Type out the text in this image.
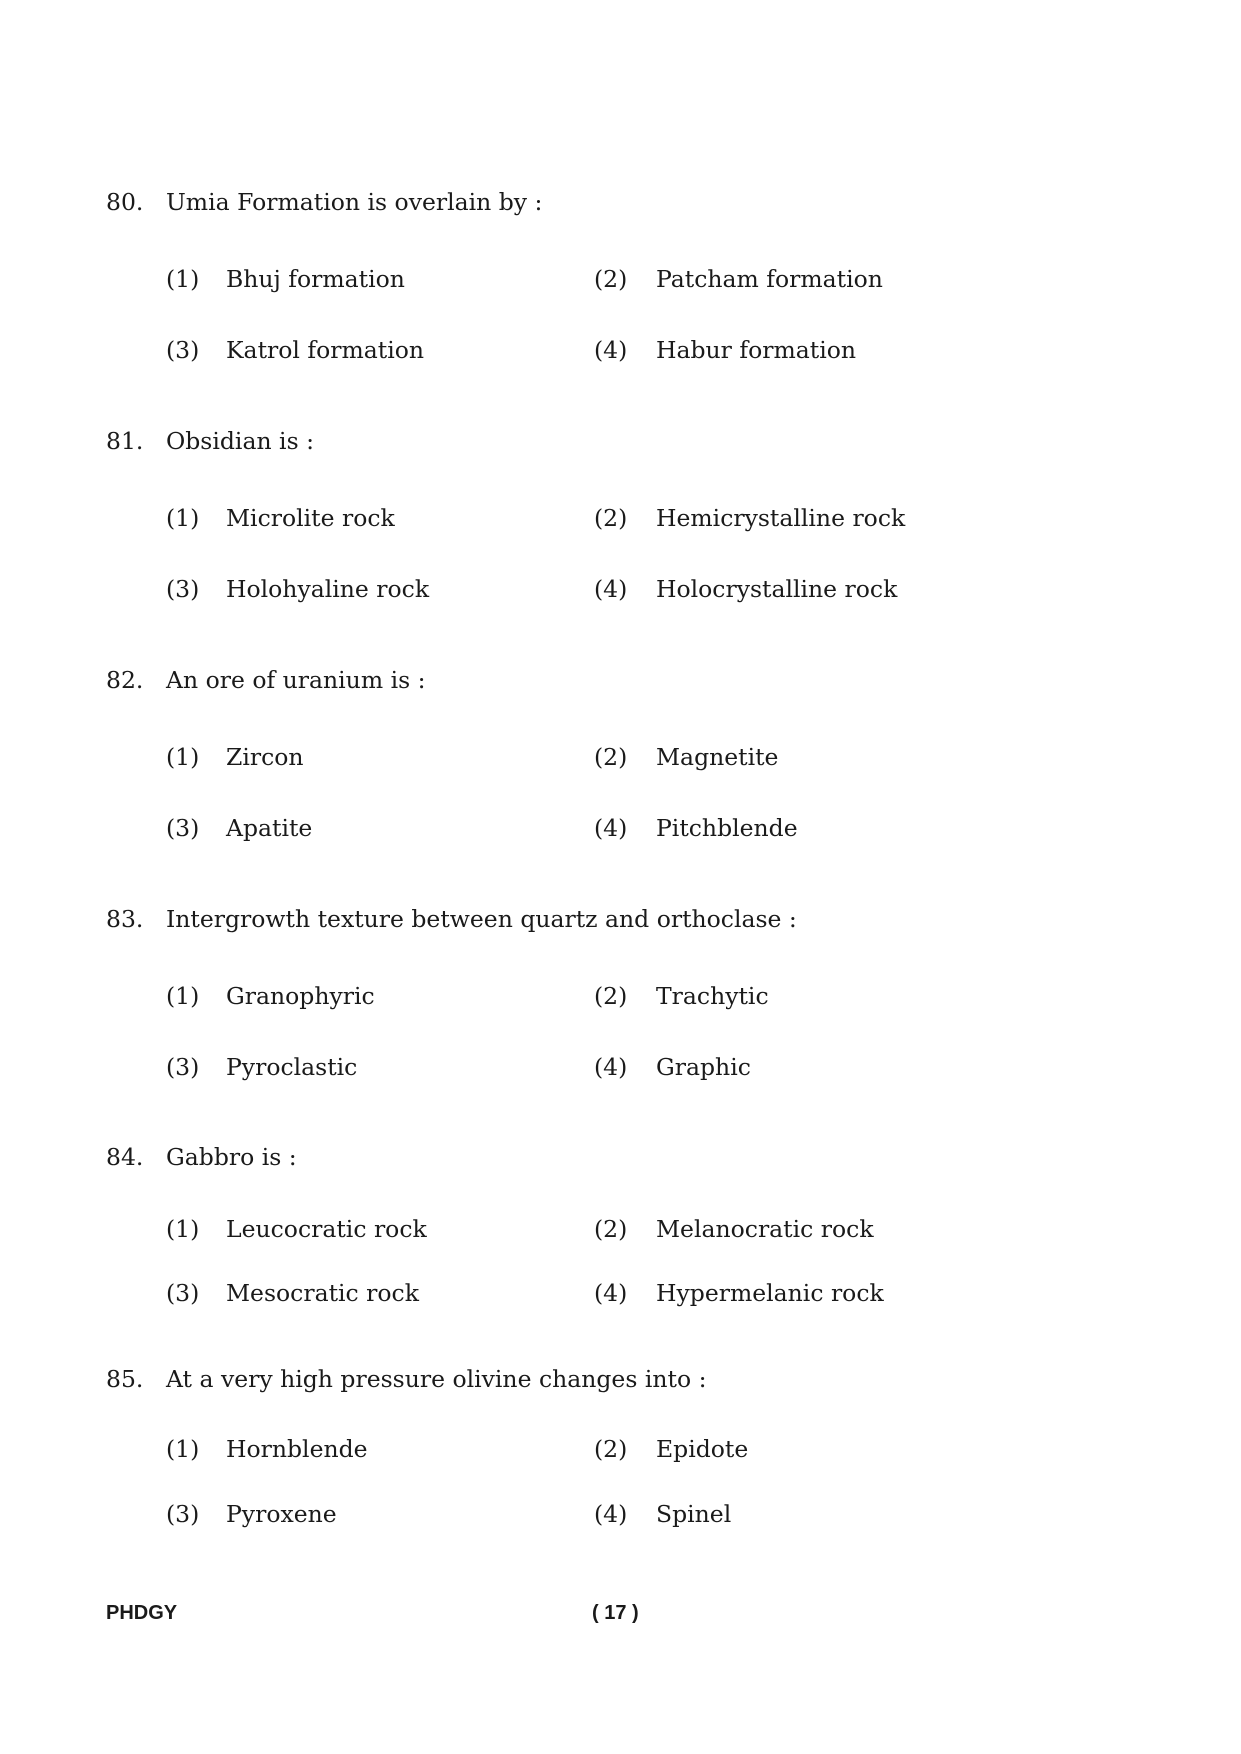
80. Umia Formation is overlain by :
(1) Bhuj formation	(2) Patcham formation
(3) Katrol formation	(4) Habur formation
81. Obsidian is :
(1) Microlite rock	(2) Hemicrystalline rock
(3) Holohyaline rock	(4) Holocrystalline rock
82. An ore of uranium is :
(1) Zircon	(2) Magnetite
(3) Apatite	(4) Pitchblende
83. Intergrowth texture between quartz and orthoclase :
(1) Granophyric	(2) Trachytic
(3) Pyroclastic	(4) Graphic
84. Gabbro is :
(1) Leucocratic rock	(2) Melanocratic rock
(3) Mesocratic rock	(4) Hypermelanic rock
85. At a very high pressure olivine changes into :
(1) Hornblende	(2) Epidote
(3) Pyroxene	(4) Spinel
PHDGY	( 17 )
